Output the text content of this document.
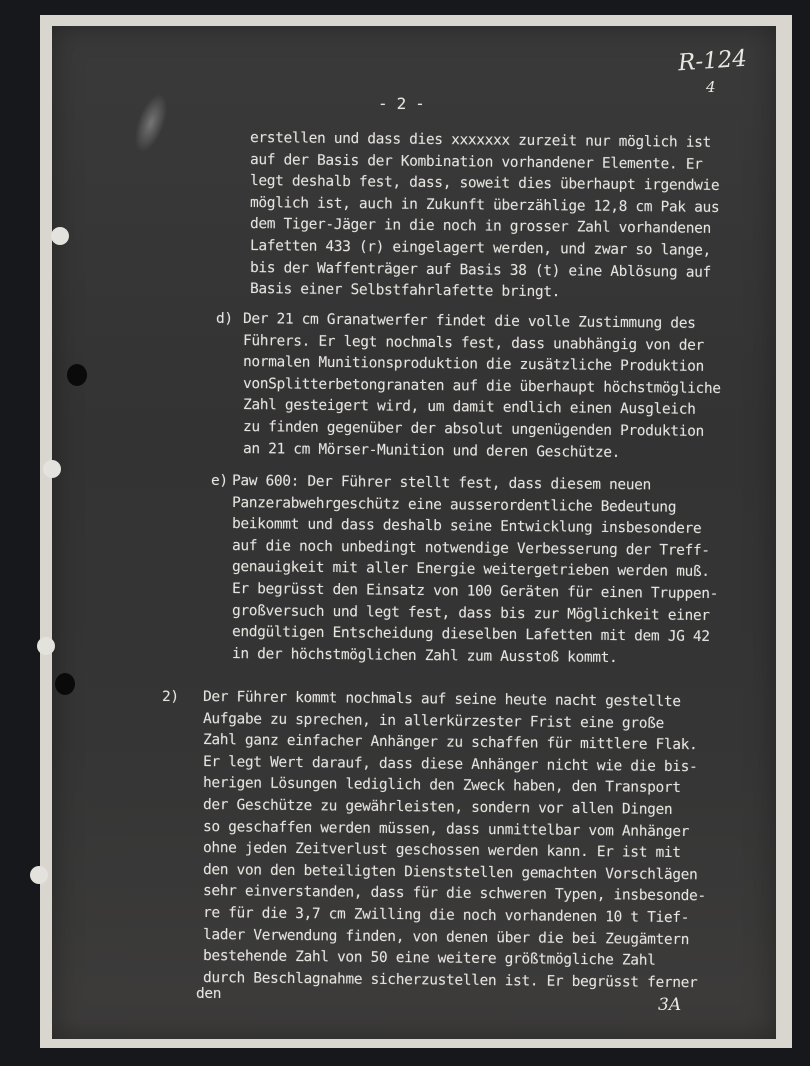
R-124
4
3A
- 2 -
erstellen und dass dies xxxxxxx zurzeit nur möglich ist
auf der Basis der Kombination vorhandener Elemente. Er
legt deshalb fest, dass, soweit dies überhaupt irgendwie
möglich ist, auch in Zukunft überzählige 12,8 cm Pak aus
dem Tiger-Jäger in die noch in grosser Zahl vorhandenen
Lafetten 433 (r) eingelagert werden, und zwar so lange,
bis der Waffenträger auf Basis 38 (t) eine Ablösung auf
Basis einer Selbstfahrlafette bringt.
d) Der 21 cm Granatwerfer findet die volle Zustimmung des
Führers. Er legt nochmals fest, dass unabhängig von der
normalen Munitionsproduktion die zusätzliche Produktion
vonSplitterbetongranaten auf die überhaupt höchstmögliche
Zahl gesteigert wird, um damit endlich einen Ausgleich
zu finden gegenüber der absolut ungenügenden Produktion
an 21 cm Mörser-Munition und deren Geschütze.
e) Paw 600: Der Führer stellt fest, dass diesem neuen
Panzerabwehrgeschütz eine ausserordentliche Bedeutung
beikommt und dass deshalb seine Entwicklung insbesondere
auf die noch unbedingt notwendige Verbesserung der Treff-
genauigkeit mit aller Energie weitergetrieben werden muß.
Er begrüsst den Einsatz von 100 Geräten für einen Truppen-
großversuch und legt fest, dass bis zur Möglichkeit einer
endgültigen Entscheidung dieselben Lafetten mit dem JG 42
in der höchstmöglichen Zahl zum Ausstoß kommt.
2) Der Führer kommt nochmals auf seine heute nacht gestellte
Aufgabe zu sprechen, in allerkürzester Frist eine große
Zahl ganz einfacher Anhänger zu schaffen für mittlere Flak.
Er legt Wert darauf, dass diese Anhänger nicht wie die bis-
herigen Lösungen lediglich den Zweck haben, den Transport
der Geschütze zu gewährleisten, sondern vor allen Dingen
so geschaffen werden müssen, dass unmittelbar vom Anhänger
ohne jeden Zeitverlust geschossen werden kann. Er ist mit
den von den beteiligten Dienststellen gemachten Vorschlägen
sehr einverstanden, dass für die schweren Typen, insbesonde-
re für die 3,7 cm Zwilling die noch vorhandenen 10 t Tief-
lader Verwendung finden, von denen über die bei Zeugämtern
bestehende Zahl von 50 eine weitere größtmögliche Zahl
durch Beschlagnahme sicherzustellen ist. Er begrüsst ferner
den
